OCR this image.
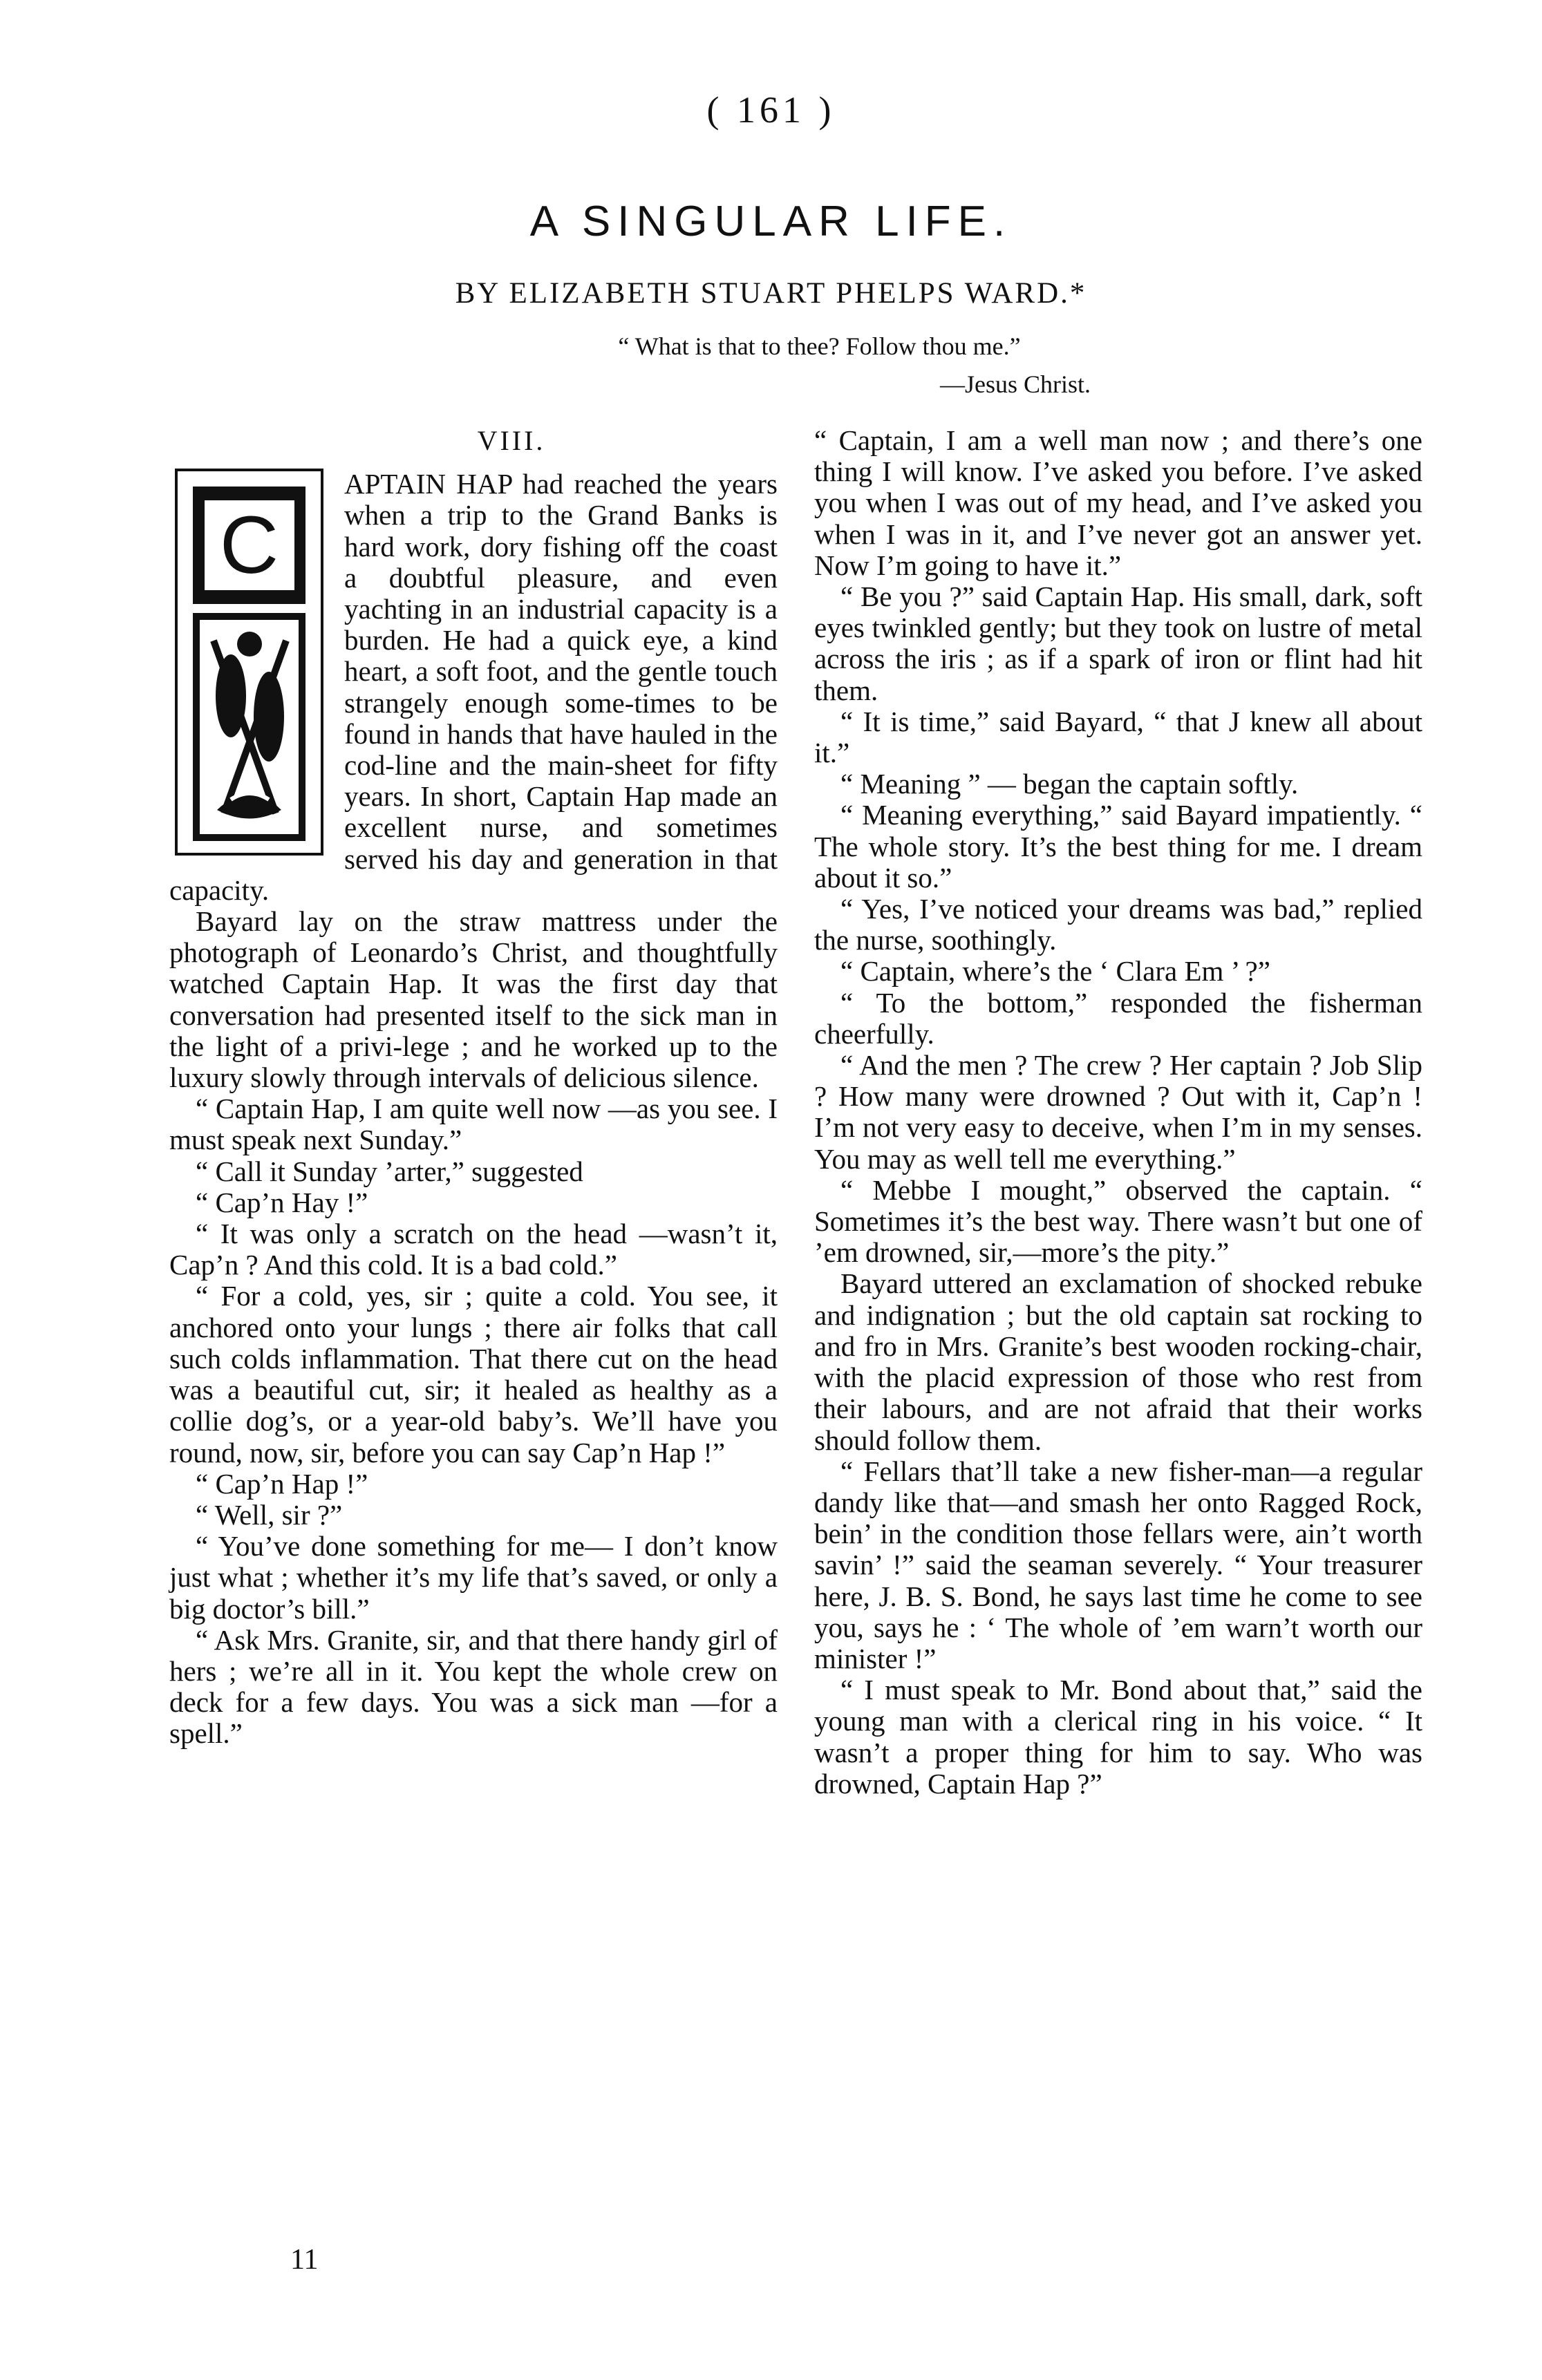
( 161 )
A SINGULAR LIFE.
BY ELIZABETH STUART PHELPS WARD.*
“ What is that to thee? Follow thou me.”
—Jesus Christ.
VIII.
C

APTAIN HAP had reached the years when a trip to the Grand Banks is hard work, dory fishing off the coast a doubtful pleasure, and even yachting in an industrial capacity is a burden. He had a quick eye, a kind heart, a soft foot, and the gentle touch strangely enough some-times to be found in hands that have hauled in the cod-line and the main-sheet for fifty years. In short, Captain Hap made an excellent nurse, and sometimes served his day and generation in that capacity.

Bayard lay on the straw mattress under the photograph of Leonardo’s Christ, and thoughtfully watched Captain Hap. It was the first day that conversation had presented itself to the sick man in the light of a privi-lege ; and he worked up to the luxury slowly through intervals of delicious silence.

“ Captain Hap, I am quite well now —as you see. I must speak next Sunday.”

“ Call it Sunday ’arter,” suggested

“ Cap’n Hay !”

“ It was only a scratch on the head —wasn’t it, Cap’n ? And this cold. It is a bad cold.”

“ For a cold, yes, sir ; quite a cold. You see, it anchored onto your lungs ; there air folks that call such colds inflammation. That there cut on the head was a beautiful cut, sir; it healed as healthy as a collie dog’s, or a year-old baby’s. We’ll have you round, now, sir, before you can say Cap’n Hap !”

“ Cap’n Hap !”

“ Well, sir ?”

“ You’ve done something for me— I don’t know just what ; whether it’s my life that’s saved, or only a big doctor’s bill.”

“ Ask Mrs. Granite, sir, and that there handy girl of hers ; we’re all in it. You kept the whole crew on deck for a few days. You was a sick man —for a spell.”

“ Captain, I am a well man now ; and there’s one thing I will know. I’ve asked you before. I’ve asked you when I was out of my head, and I’ve asked you when I was in it, and I’ve never got an answer yet. Now I’m going to have it.”

“ Be you ?” said Captain Hap. His small, dark, soft eyes twinkled gently; but they took on lustre of metal across the iris ; as if a spark of iron or flint had hit them.

“ It is time,” said Bayard, “ that J knew all about it.”

“ Meaning ” — began the captain softly.

“ Meaning everything,” said Bayard impatiently. “ The whole story. It’s the best thing for me. I dream about it so.”

“ Yes, I’ve noticed your dreams was bad,” replied the nurse, soothingly.

“ Captain, where’s the ‘ Clara Em ’ ?”

“ To the bottom,” responded the fisherman cheerfully.

“ And the men ? The crew ? Her captain ? Job Slip ? How many were drowned ? Out with it, Cap’n ! I’m not very easy to deceive, when I’m in my senses. You may as well tell me everything.”

“ Mebbe I mought,” observed the captain. “ Sometimes it’s the best way. There wasn’t but one of ’em drowned, sir,—more’s the pity.”

Bayard uttered an exclamation of shocked rebuke and indignation ; but the old captain sat rocking to and fro in Mrs. Granite’s best wooden rocking-chair, with the placid expression of those who rest from their labours, and are not afraid that their works should follow them.

“ Fellars that’ll take a new fisher-man—a regular dandy like that—and smash her onto Ragged Rock, bein’ in the condition those fellars were, ain’t worth savin’ !” said the seaman severely. “ Your treasurer here, J. B. S. Bond, he says last time he come to see you, says he : ‘ The whole of ’em warn’t worth our minister !”

“ I must speak to Mr. Bond about that,” said the young man with a clerical ring in his voice. “ It wasn’t a proper thing for him to say. Who was drowned, Captain Hap ?”

11
